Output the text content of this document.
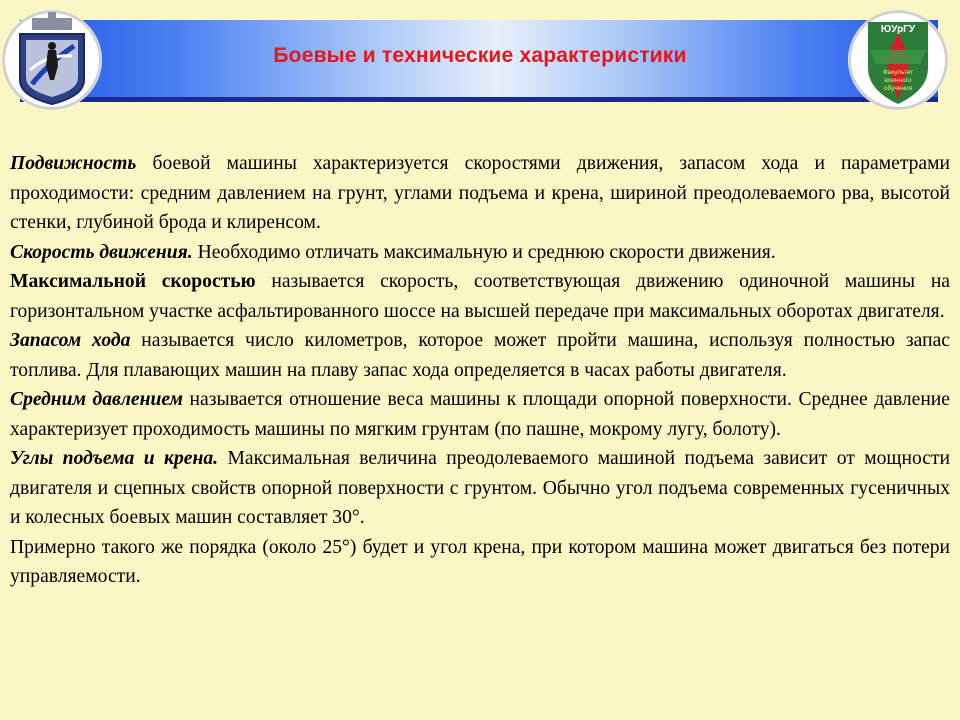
Боевые и технические характеристики
ЮУрГУ
Факультет
военного
обучения

Подвижность боевой машины характеризуется скоростями движения, запасом хода и параметрами проходимости: средним давлением на грунт, углами подъема и крена, шириной преодолеваемого рва, высотой стенки, глубиной брода и клиренсом.

Скорость движения. Необходимо отличать максимальную и среднюю скорости движения.

Максимальной скоростью называется скорость, соответствующая движению одиночной машины на горизонтальном участке асфальтированного шоссе на высшей передаче при максимальных оборотах двигателя.

Запасом хода называется число километров, которое может пройти машина, используя полностью запас топлива. Для плавающих машин на плаву запас хода определяется в часах работы двигателя.

Средним давлением называется отношение веса машины к площади опорной поверхности. Среднее давление характеризует проходимость машины по мягким грунтам (по пашне, мокрому лугу, болоту).

Углы подъема и крена. Максимальная величина преодолеваемого машиной подъема зависит от мощности двигателя и сцепных свойств опорной поверхности с грунтом. Обычно угол подъема современных гусеничных и колесных боевых машин составляет 30°.

Примерно такого же порядка (около 25°) будет и угол крена, при котором машина может двигаться без потери управляемости.
